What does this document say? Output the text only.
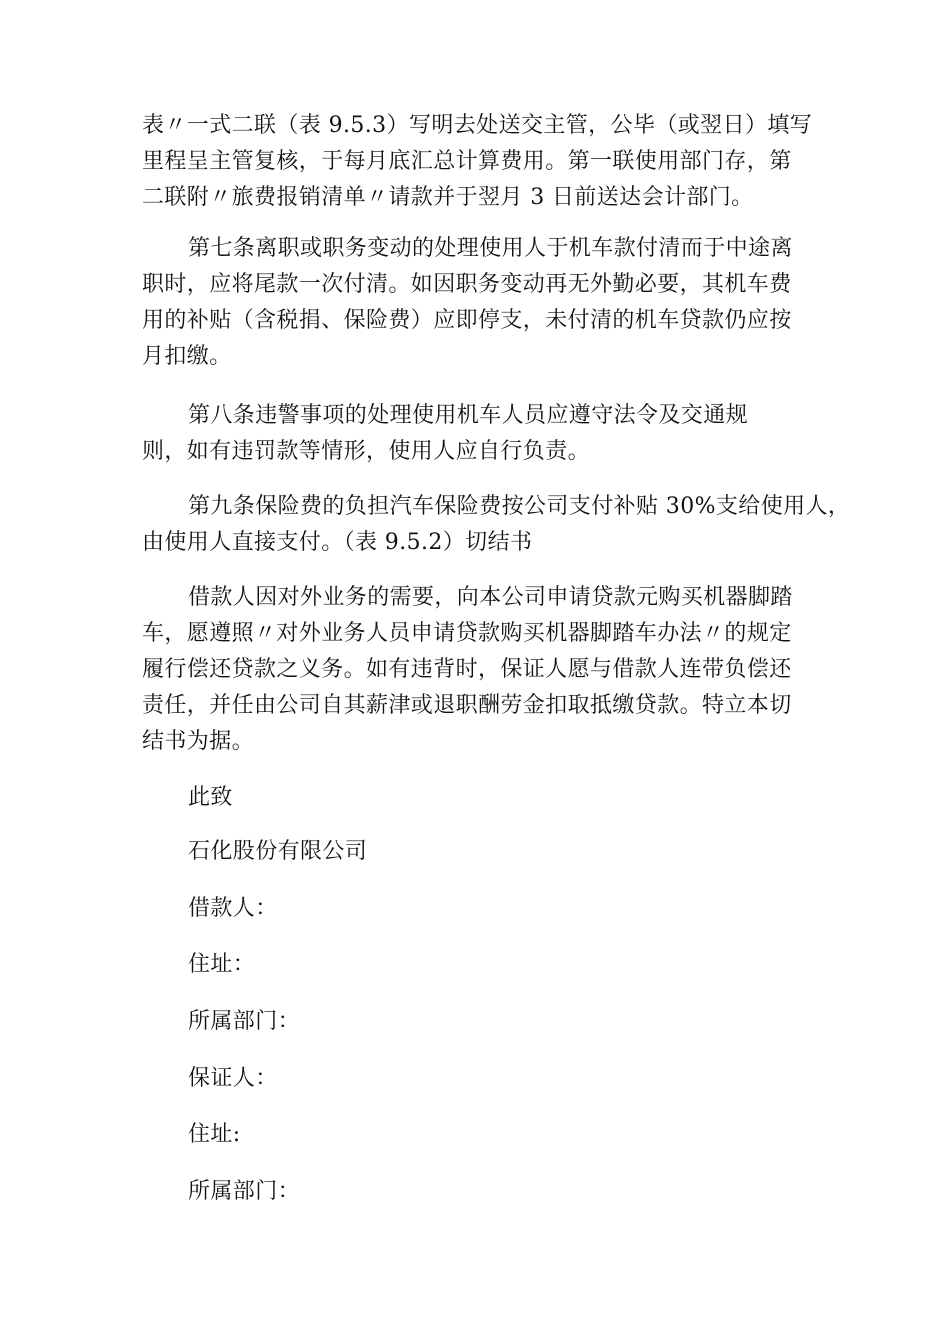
表〃一式二联（表 9.5.3）写明去处送交主管，公毕（或翌日）填写
里程呈主管复核，于每月底汇总计算费用。第一联使用部门存，第
二联附〃旅费报销清单〃请款并于翌月 3 日前送达会计部门。

第七条离职或职务变动的处理使用人于机车款付清而于中途离
职时，应将尾款一次付清。如因职务变动再无外勤必要，其机车费
用的补贴（含税捐、保险费）应即停支，未付清的机车贷款仍应按
月扣缴。

第八条违警事项的处理使用机车人员应遵守法令及交通规
则，如有违罚款等情形，使用人应自行负责。

第九条保险费的负担汽车保险费按公司支付补贴 30%支给使用人，
由使用人直接支付。（表 9.5.2）切结书

借款人因对外业务的需要，向本公司申请贷款元购买机器脚踏
车，愿遵照〃对外业务人员申请贷款购买机器脚踏车办法〃的规定
履行偿还贷款之义务。如有违背时，保证人愿与借款人连带负偿还
责任，并任由公司自其薪津或退职酬劳金扣取抵缴贷款。特立本切
结书为据。

此致

石化股份有限公司

借款人：

住址：

所属部门：

保证人：

住址:

所属部门：
